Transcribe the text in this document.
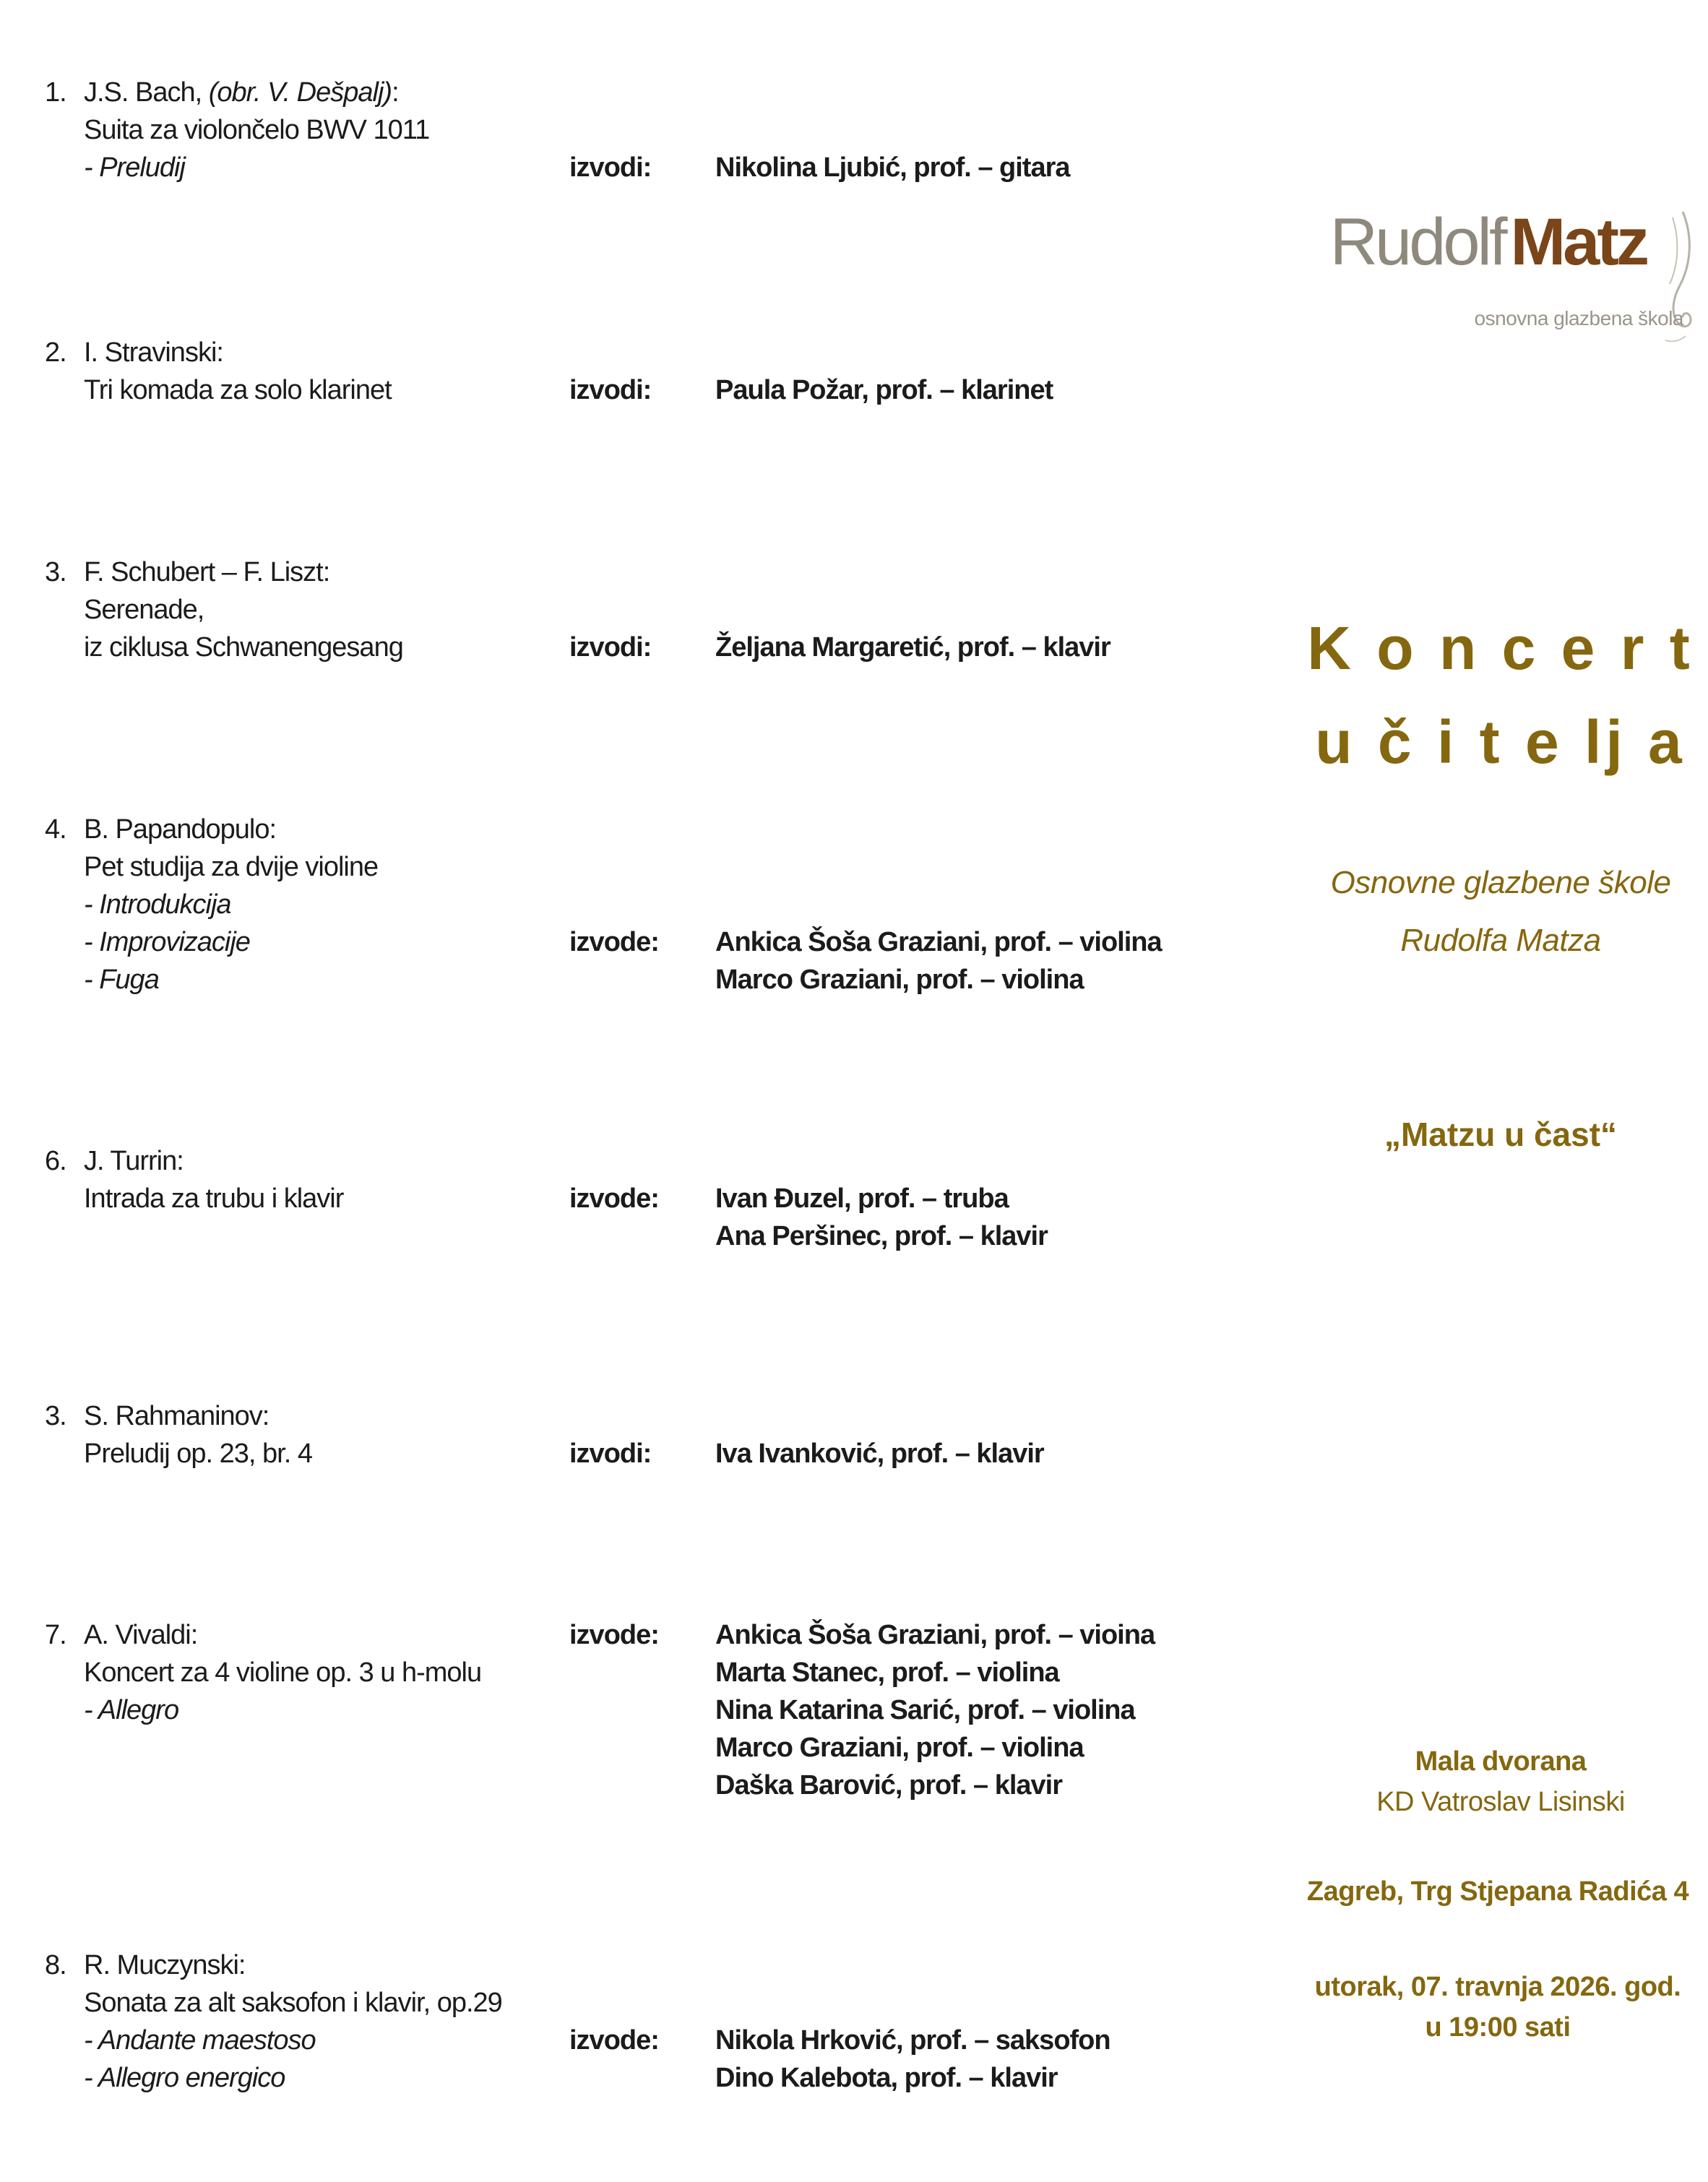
1. J.S. Bach, (obr. V. Dešpalj):
Suita za violončelo BWV 1011
- Preludij	izvodi: Nikolina Ljubić, prof. – gitara
2. I. Stravinski:
Tri komada za solo klarinet	izvodi: Paula Požar, prof. – klarinet
3. F. Schubert – F. Liszt:
Serenade,
iz ciklusa Schwanengesang	izvodi: Željana Margaretić, prof. – klavir
4. B. Papandopulo:
Pet studija za dvije violine
- Introdukcija
- Improvizacije	izvode: Ankica Šoša Graziani, prof. – violina
- Fuga	Marco Graziani, prof. – violina
6. J. Turrin:
Intrada za trubu i klavir	izvode: Ivan Đuzel, prof. – truba
Ana Peršinec, prof. – klavir
3. S. Rahmaninov:
Preludij op. 23, br. 4	izvodi: Iva Ivanković, prof. – klavir
7. A. Vivaldi:	izvode: Ankica Šoša Graziani, prof. – vioina
Koncert za 4 violine op. 3 u h-molu	Marta Stanec, prof. – violina
- Allegro	Nina Katarina Sarić, prof. – violina
Marco Graziani, prof. – violina
Daška Barović, prof. – klavir
8. R. Muczynski:
Sonata za alt saksofon i klavir, op.29
- Andante maestoso	izvode: Nikola Hrković, prof. – saksofon
- Allegro energico	Dino Kalebota, prof. – klavir
Rudolf Matz
osnovna glazbena škola
K o n c e r t
u č i t e lj a
Osnovne glazbene škole
Rudolfa Matza
„Matzu u čast“
Mala dvorana
KD Vatroslav Lisinski
Zagreb, Trg Stjepana Radića 4
utorak, 07. travnja 2026. god.
u 19:00 sati
